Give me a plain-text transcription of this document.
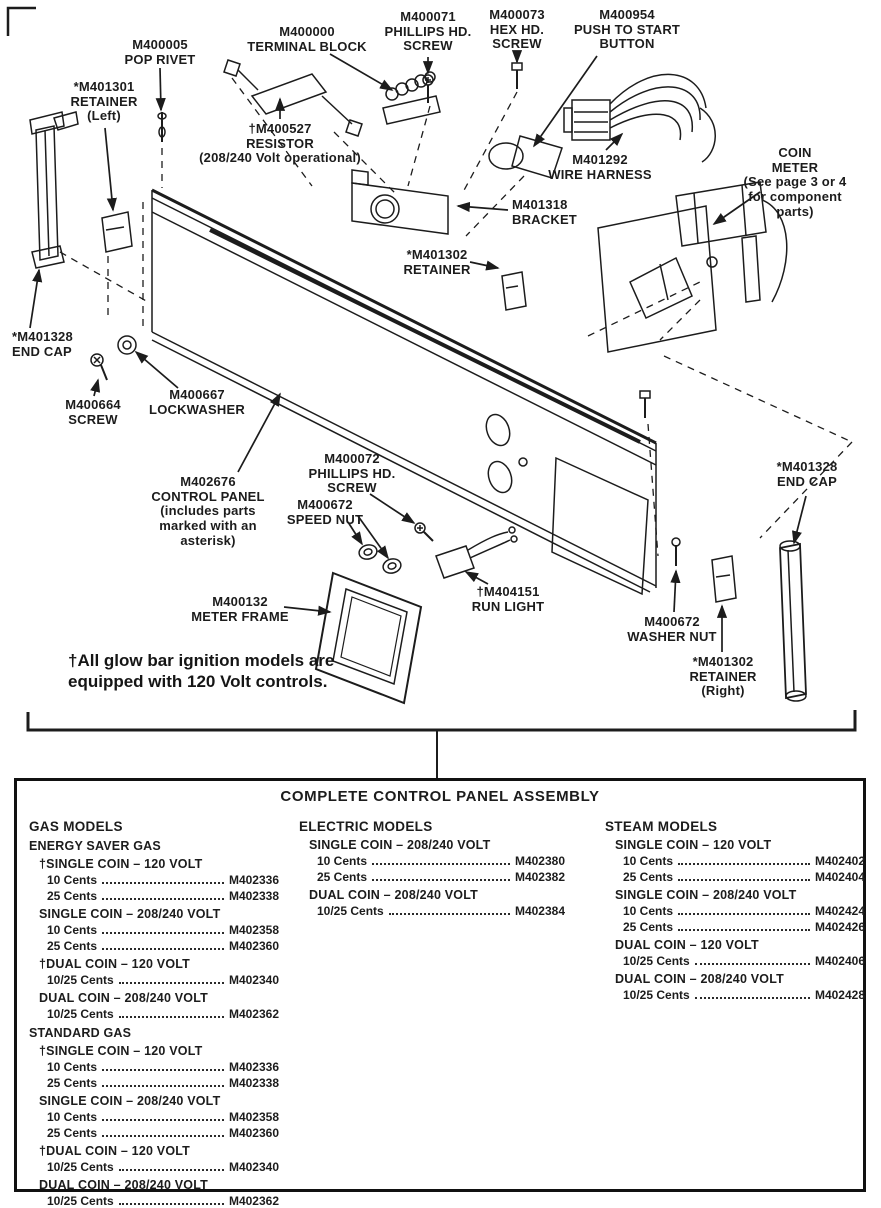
*M401301
RETAINER
(Left)
M400005
POP RIVET
M400000
TERMINAL BLOCK
M400071
PHILLIPS HD.
SCREW
M400073
HEX HD.
SCREW
M400954
PUSH TO START
BUTTON
†M400527
RESISTOR
(208/240 Volt operational)	M401292
WIRE HARNESS
COIN
METER
(See page 3 or 4
for component
parts)
M401318
BRACKET
*M401302
RETAINER
*M401328
END CAP
M400664
SCREW
M400667
LOCKWASHER
M402676
CONTROL PANEL
(includes parts
marked with an
asterisk)
M400072
PHILLIPS HD.
SCREW
M400672
SPEED NUT
*M401328
END CAP
M400132
METER FRAME
†M404151
RUN LIGHT
M400672
WASHER NUT
*M401302
RETAINER
(Right)
†All glow bar ignition models are
equipped with 120 Volt controls.
COMPLETE CONTROL PANEL ASSEMBLY
GAS MODELS
ENERGY SAVER GAS
†SINGLE COIN – 120 VOLT
10 Cents	M402336
25 Cents	M402338
SINGLE COIN – 208/240 VOLT
10 Cents	M402358
25 Cents	M402360
†DUAL COIN – 120 VOLT
10/25 Cents	M402340
DUAL COIN – 208/240 VOLT
10/25 Cents	M402362
STANDARD GAS
†SINGLE COIN – 120 VOLT
10 Cents	M402336
25 Cents	M402338
SINGLE COIN – 208/240 VOLT
10 Cents	M402358
25 Cents	M402360
†DUAL COIN – 120 VOLT
10/25 Cents	M402340
DUAL COIN – 208/240 VOLT
10/25 Cents	M402362
ELECTRIC MODELS
SINGLE COIN – 208/240 VOLT
10 Cents	M402380
25 Cents	M402382
DUAL COIN – 208/240 VOLT
10/25 Cents	M402384
STEAM MODELS
SINGLE COIN – 120 VOLT
10 Cents	M402402
25 Cents	M402404
SINGLE COIN – 208/240 VOLT
10 Cents	M402424
25 Cents	M402426
DUAL COIN – 120 VOLT
10/25 Cents	M402406
DUAL COIN – 208/240 VOLT
10/25 Cents	M402428
